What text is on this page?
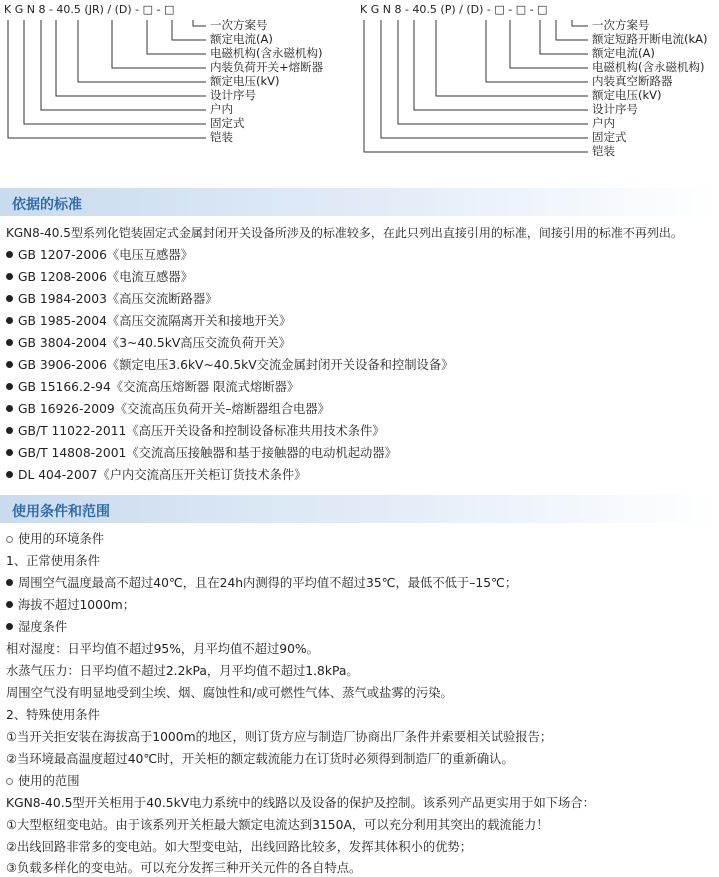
K G N 8 - 40.5 (JR) / (D) - □ - □
一次方案号
额定电流(A)
电磁机构(含永磁机构)
内装负荷开关+熔断器
额定电压(kV)
设计序号
户内
固定式
铠装
K G N 8 - 40.5 (P) / (D) - □ - □ - □
一次方案号
额定短路开断电流(kA)
额定电流(A)
电磁机构(含永磁机构)
内装真空断路器
额定电压(kV)
设计序号
户内
固定式
铠装
依据的标准
KGN8-40.5型系列化铠装固定式金属封闭开关设备所涉及的标准较多，在此只列出直接引用的标准，间接引用的标准不再列出。
GB 1207-2006《电压互感器》
GB 1208-2006《电流互感器》
GB 1984-2003《高压交流断路器》
GB 1985-2004《高压交流隔离开关和接地开关》
GB 3804-2004《3~40.5kV高压交流负荷开关》
GB 3906-2006《额定电压3.6kV~40.5kV交流金属封闭开关设备和控制设备》
GB 15166.2-94《交流高压熔断器 限流式熔断器》
GB 16926-2009《交流高压负荷开关–熔断器组合电器》
GB/T 11022-2011《高压开关设备和控制设备标准共用技术条件》
GB/T 14808-2001《交流高压接触器和基于接触器的电动机起动器》
DL 404-2007《户内交流高压开关柜订货技术条件》
使用条件和范围
使用的环境条件
1、正常使用条件
周围空气温度最高不超过40℃，且在24h内测得的平均值不超过35℃，最低不低于–15℃；
海拔不超过1000m；
湿度条件
相对湿度：日平均值不超过95%，月平均值不超过90%。
水蒸气压力：日平均值不超过2.2kPa，月平均值不超过1.8kPa。
周围空气没有明显地受到尘埃、烟、腐蚀性和/或可燃性气体、蒸气或盐雾的污染。
2、特殊使用条件
①当开关拒安装在海拔高于1000m的地区，则订货方应与制造厂协商出厂条件并索要相关试验报告；
②当环境最高温度超过40℃时，开关柜的额定载流能力在订货时必须得到制造厂的重新确认。
使用的范围
KGN8-40.5型开关柜用于40.5kV电力系统中的线路以及设备的保护及控制。该系列产品更实用于如下场合：
①大型枢纽变电站。由于该系列开关柜最大额定电流达到3150A，可以充分利用其突出的载流能力！
②出线回路非常多的变电站。如大型变电站，出线回路比较多，发挥其体积小的优势；
③负载多样化的变电站。可以充分发挥三种开关元件的各自特点。
